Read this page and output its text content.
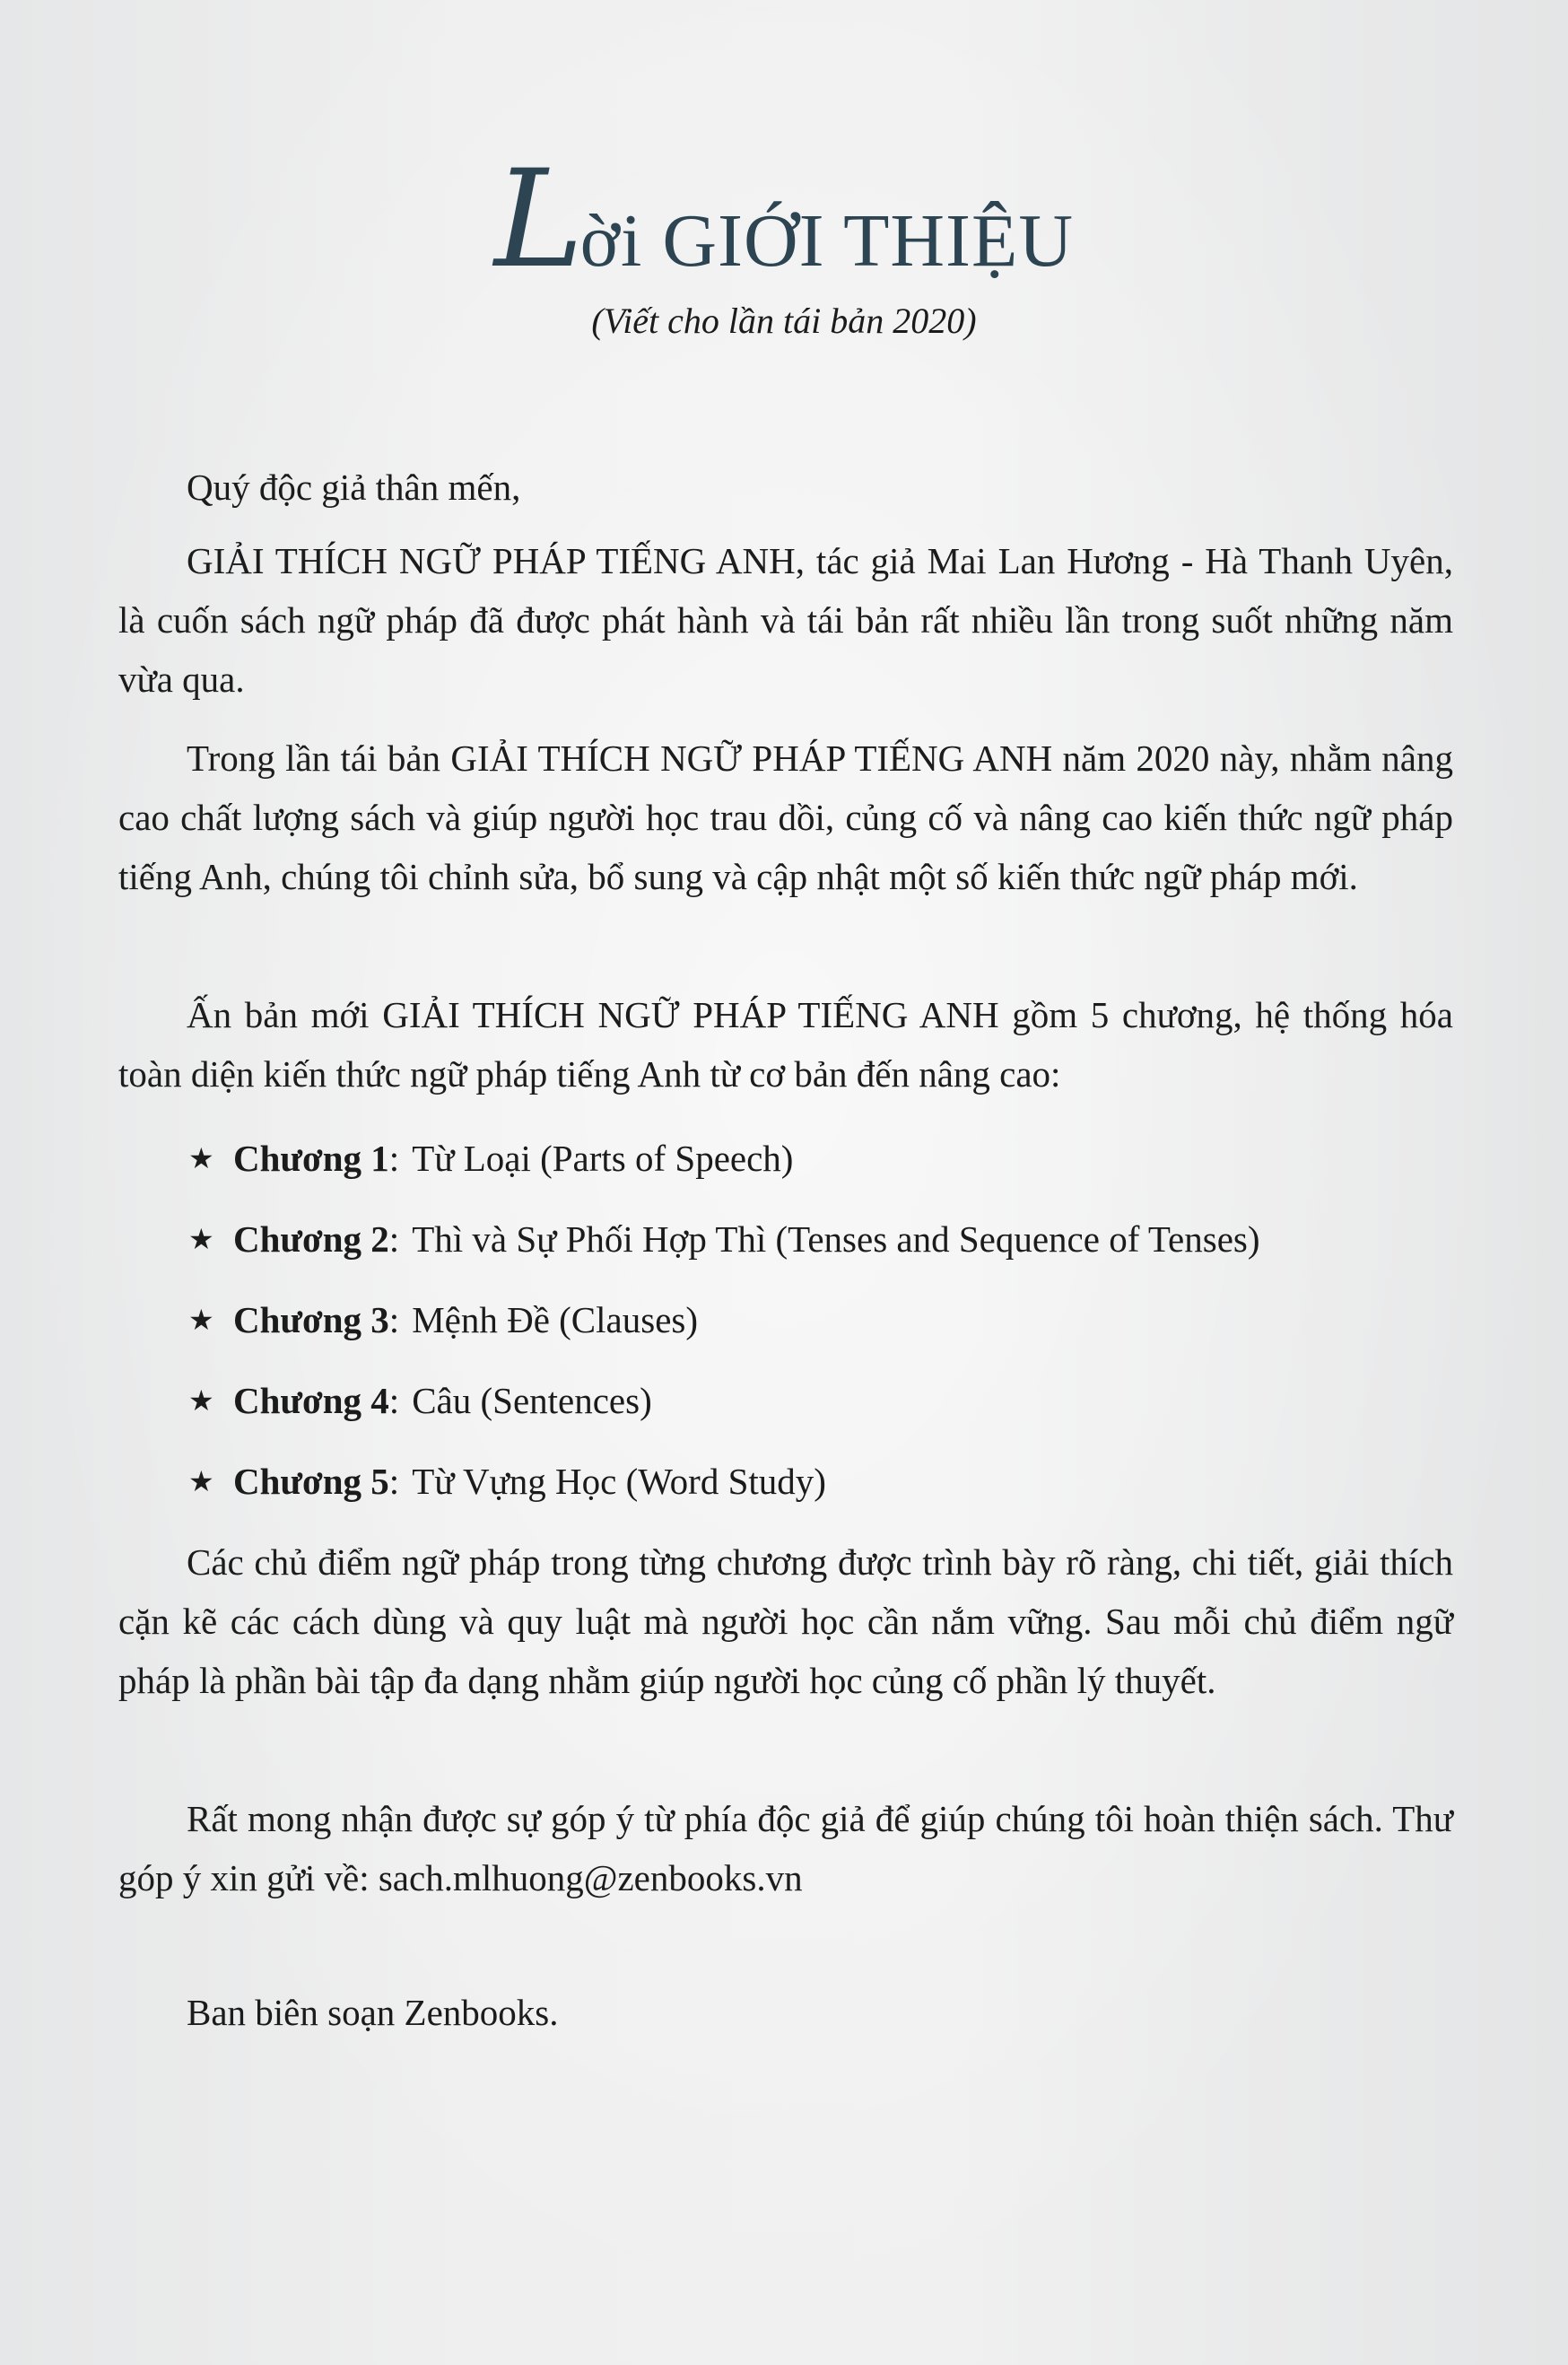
Lời GIỚI THIỆU
(Viết cho lần tái bản 2020)

Quý độc giả thân mến,

GIẢI THÍCH NGỮ PHÁP TIẾNG ANH, tác giả Mai Lan Hương - Hà Thanh Uyên, là cuốn sách ngữ pháp đã được phát hành và tái bản rất nhiều lần trong suốt những năm vừa qua.

Trong lần tái bản GIẢI THÍCH NGỮ PHÁP TIẾNG ANH năm 2020 này, nhằm nâng cao chất lượng sách và giúp người học trau dồi, củng cố và nâng cao kiến thức ngữ pháp tiếng Anh, chúng tôi chỉnh sửa, bổ sung và cập nhật một số kiến thức ngữ pháp mới.

Ấn bản mới GIẢI THÍCH NGỮ PHÁP TIẾNG ANH gồm 5 chương, hệ thống hóa toàn diện kiến thức ngữ pháp tiếng Anh từ cơ bản đến nâng cao:

★ Chương 1 : Từ Loại (Parts of Speech)
★ Chương 2 : Thì và Sự Phối Hợp Thì (Tenses and Sequence of Tenses)
★ Chương 3 : Mệnh Đề (Clauses)
★ Chương 4 : Câu (Sentences)
★ Chương 5 : Từ Vựng Học (Word Study)

Các chủ điểm ngữ pháp trong từng chương được trình bày rõ ràng, chi tiết, giải thích cặn kẽ các cách dùng và quy luật mà người học cần nắm vững. Sau mỗi chủ điểm ngữ pháp là phần bài tập đa dạng nhằm giúp người học củng cố phần lý thuyết.

Rất mong nhận được sự góp ý từ phía độc giả để giúp chúng tôi hoàn thiện sách. Thư góp ý xin gửi về: sach.mlhuong@zenbooks.vn

Ban biên soạn Zenbooks.
